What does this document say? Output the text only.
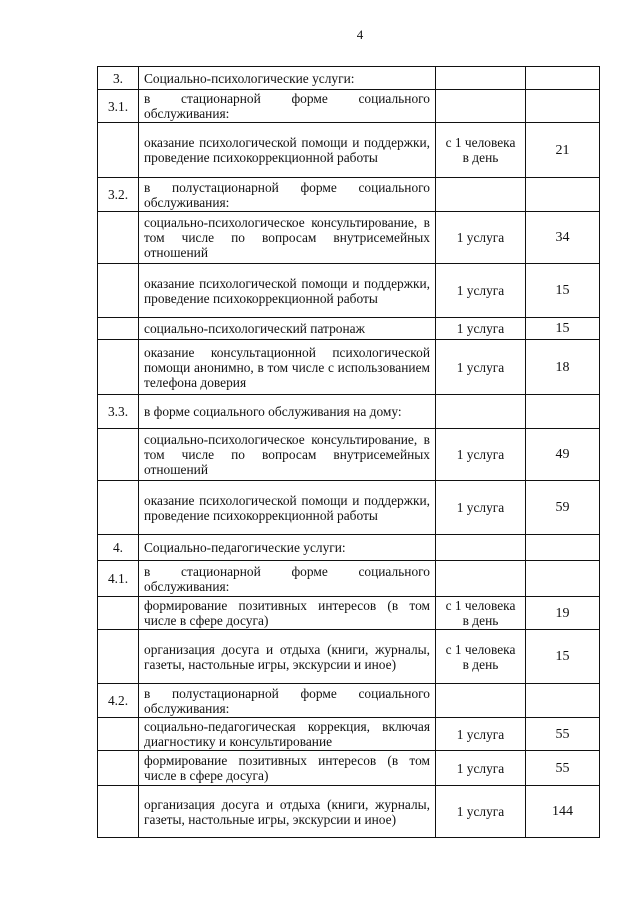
4
3.	Социально-психологические услуги:		
3.1.	в стационарной форме социального обслуживания:		
	оказание психологической помощи и поддержки, проведение психокоррекционной работы	с 1 человека в день	21
3.2.	в полустационарной форме социального обслуживания:		
	социально-психологическое консультирование, в том числе по вопросам внутрисемейных отношений	1 услуга	34
	оказание психологической помощи и поддержки, проведение психокоррекционной работы	1 услуга	15
	социально-психологический патронаж	1 услуга	15
	оказание консультационной психологической помощи анонимно, в том числе с использованием телефона доверия	1 услуга	18
3.3.	в форме социального обслуживания на дому:		
	социально-психологическое консультирование, в том числе по вопросам внутрисемейных отношений	1 услуга	49
	оказание психологической помощи и поддержки, проведение психокоррекционной работы	1 услуга	59
4.	Социально-педагогические услуги:		
4.1.	в стационарной форме социального обслуживания:		
	формирование позитивных интересов (в том числе в сфере досуга)	с 1 человека в день	19
	организация досуга и отдыха (книги, журналы, газеты, настольные игры, экскурсии и иное)	с 1 человека в день	15
4.2.	в полустационарной форме социального обслуживания:		
	социально-педагогическая коррекция, включая диагностику и консультирование	1 услуга	55
	формирование позитивных интересов (в том числе в сфере досуга)	1 услуга	55
	организация досуга и отдыха (книги, журналы, газеты, настольные игры, экскурсии и иное)	1 услуга	144
